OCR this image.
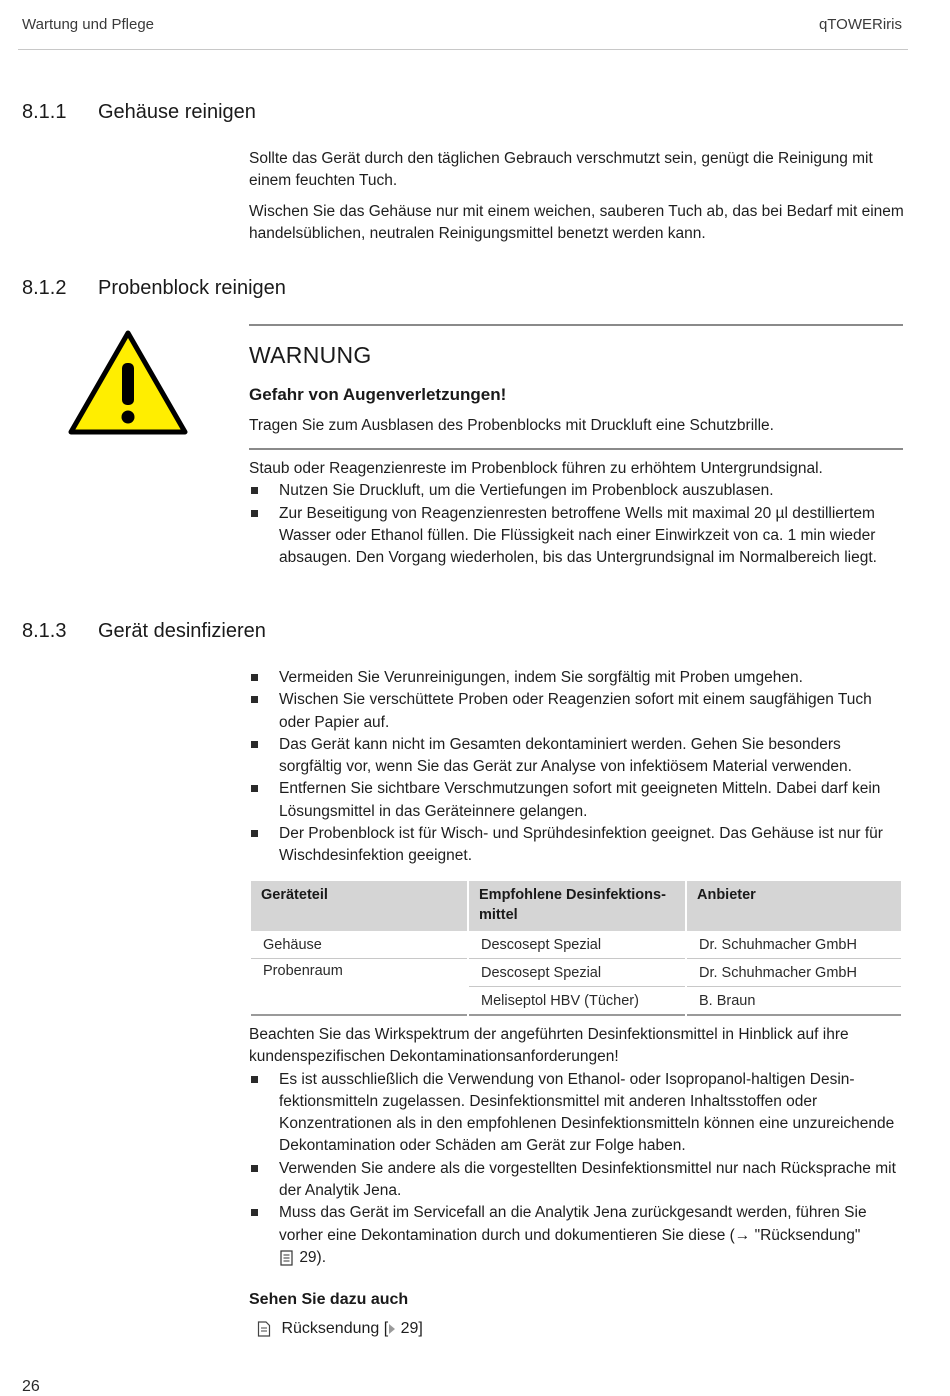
Wartung und Pflege	qTOWERiris
8.1.1 Gehäuse reinigen

Sollte das Gerät durch den täglichen Gebrauch verschmutzt sein, genügt die Reinigung mit einem feuchten Tuch.

Wischen Sie das Gehäuse nur mit einem weichen, sauberen Tuch ab, das bei Bedarf mit einem handelsüblichen, neutralen Reinigungsmittel benetzt werden kann.

8.1.2 Probenblock reinigen
WARNUNG
Gefahr von Augenverletzungen!
Tragen Sie zum Ausblasen des Probenblocks mit Druckluft eine Schutzbrille.

Staub oder Reagenzienreste im Probenblock führen zu erhöhtem Untergrundsignal.

Nutzen Sie Druckluft, um die Vertiefungen im Probenblock auszublasen.
Zur Beseitigung von Reagenzienresten betroffene Wells mit maximal 20 µl destilliertem Wasser oder Ethanol füllen. Die Flüssigkeit nach einer Einwirkzeit von ca. 1 min wieder absaugen. Den Vorgang wiederholen, bis das Untergrundsignal im Normalbereich liegt.
8.1.3 Gerät desinfizieren
Vermeiden Sie Verunreinigungen, indem Sie sorgfältig mit Proben umgehen.
Wischen Sie verschüttete Proben oder Reagenzien sofort mit einem saugfähigen Tuch oder Papier auf.
Das Gerät kann nicht im Gesamten dekontaminiert werden. Gehen Sie besonders sorgfältig vor, wenn Sie das Gerät zur Analyse von infektiösem Material verwenden.
Entfernen Sie sichtbare Verschmutzungen sofort mit geeigneten Mitteln. Dabei darf kein Lösungsmittel in das Geräteinnere gelangen.
Der Probenblock ist für Wisch- und Sprühdesinfektion geeignet. Das Gehäuse ist nur für Wischdesinfektion geeignet.
Geräteteil	Empfohlene Desinfektionsmittel	Anbieter
Gehäuse	Descosept Spezial	Dr. Schuhmacher GmbH
Probenraum	Descosept Spezial	Dr. Schuhmacher GmbH
	Meliseptol HBV (Tücher)	B. Braun

Beachten Sie das Wirkspektrum der angeführten Desinfektionsmittel in Hinblick auf ihre kundenspezifischen Dekontaminationsanforderungen!

Es ist ausschließlich die Verwendung von Ethanol- oder Isopropanol-haltigen Desinfektionsmitteln zugelassen. Desinfektionsmittel mit anderen Inhaltsstoffen oder Konzentrationen als in den empfohlenen Desinfektionsmitteln können eine unzureichende Dekontamination oder Schäden am Gerät zur Folge haben.
Verwenden Sie andere als die vorgestellten Desinfektionsmittel nur nach Rücksprache mit der Analytik Jena.
Muss das Gerät im Servicefall an die Analytik Jena zurückgesandt werden, führen Sie vorher eine Dekontamination durch und dokumentieren Sie diese (→ "Rücksendung"
29).
Sehen Sie dazu auch
Rücksendung [ 29]
26
